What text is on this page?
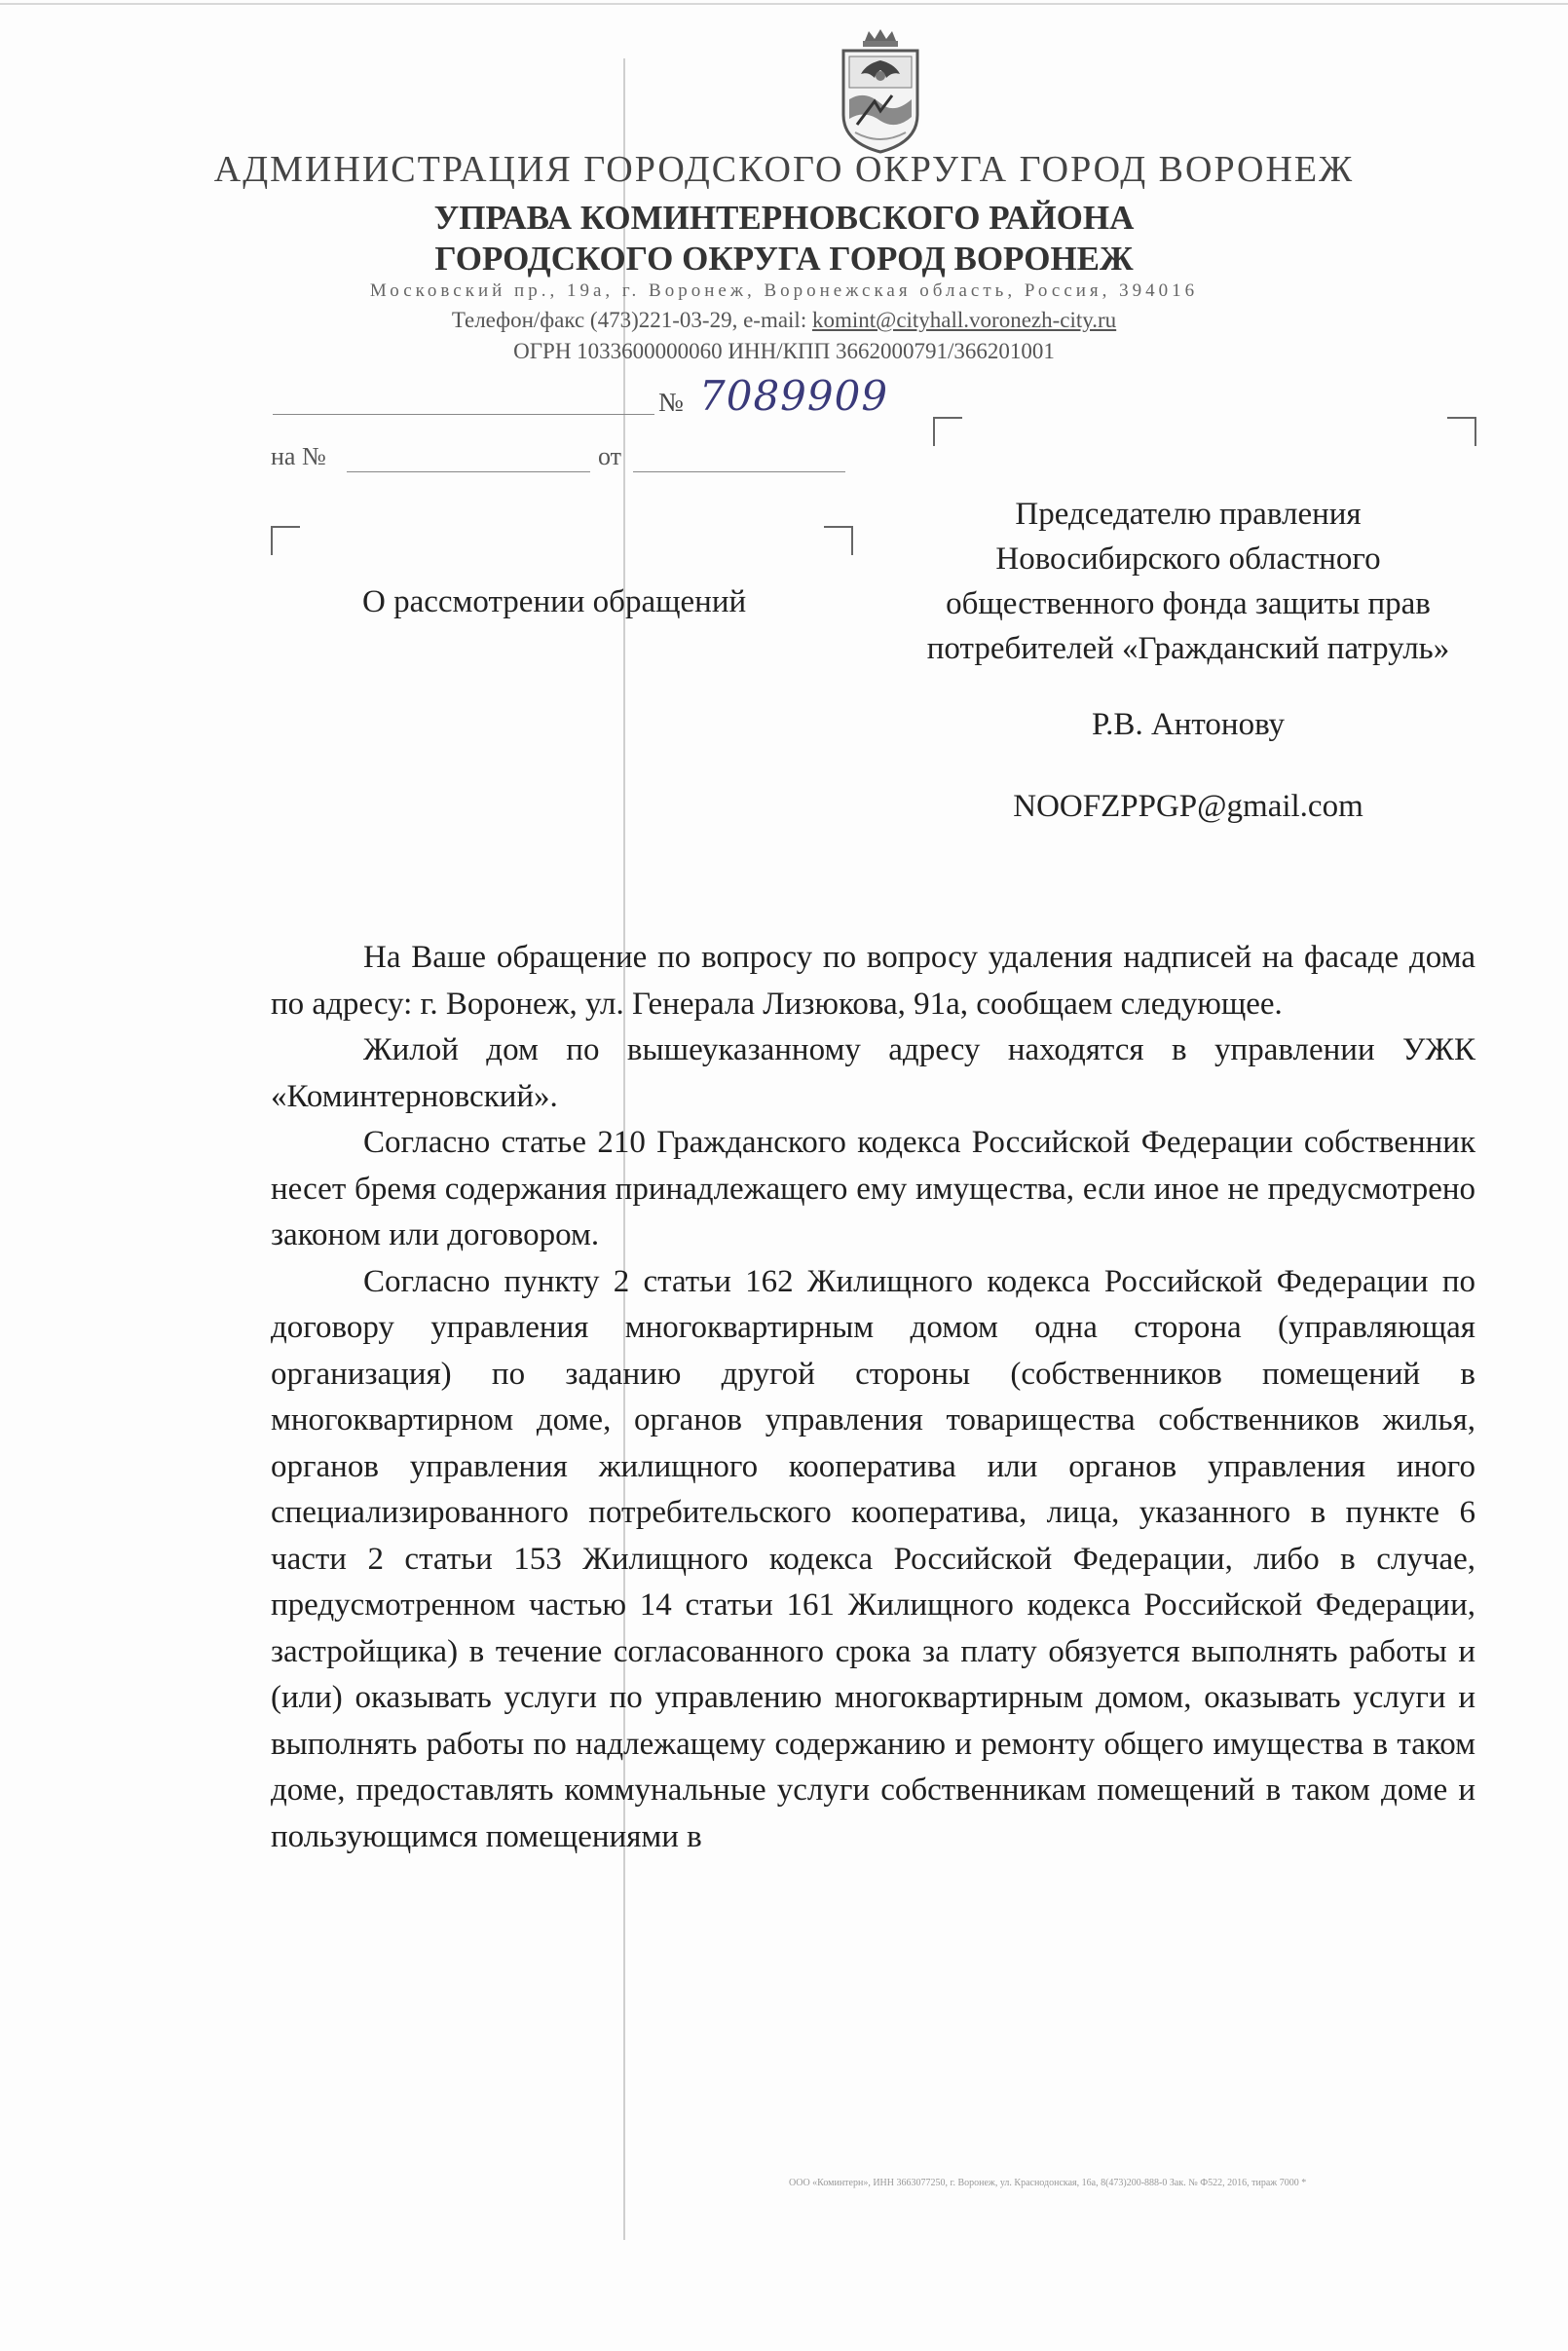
АДМИНИСТРАЦИЯ ГОРОДСКОГО ОКРУГА ГОРОД ВОРОНЕЖ
УПРАВА КОМИНТЕРНОВСКОГО РАЙОНА
ГОРОДСКОГО ОКРУГА ГОРОД ВОРОНЕЖ
Московский пр., 19а, г. Воронеж, Воронежская область, Россия, 394016
Телефон/факс (473)221-03-29, e-mail: komint@cityhall.voronezh-city.ru
ОГРН 1033600000060 ИНН/КПП 3662000791/366201001
№ 7089909
на №	от
О рассмотрении обращений
Председателю правления
Новосибирского областного
общественного фонда защиты прав
потребителей «Гражданский патруль»
Р.В. Антонову
NOOFZPPGP@gmail.com

На Ваше обращение по вопросу по вопросу удаления надписей на фасаде дома по адресу: г. Воронеж, ул. Генерала Лизюкова, 91а, сообщаем следующее.

Жилой дом по вышеуказанному адресу находятся в управлении УЖК «Коминтерновский».

Согласно статье 210 Гражданского кодекса Российской Федерации собственник несет бремя содержания принадлежащего ему имущества, если иное не предусмотрено законом или договором.

Согласно пункту 2 статьи 162 Жилищного кодекса Российской Федерации по договору управления многоквартирным домом одна сторона (управляющая организация) по заданию другой стороны (собственников помещений в многоквартирном доме, органов управления товарищества собственников жилья, органов управления жилищного кооператива или органов управления иного специализированного потребительского кооператива, лица, указанного в пункте 6 части 2 статьи 153 Жилищного кодекса Российской Федерации, либо в случае, предусмотренном частью 14 статьи 161 Жилищного кодекса Российской Федерации, застройщика) в течение согласованного срока за плату обязуется выполнять работы и (или) оказывать услуги по управлению многоквартирным домом, оказывать услуги и выполнять работы по надлежащему содержанию и ремонту общего имущества в таком доме, предоставлять коммунальные услуги собственникам помещений в таком доме и пользующимся помещениями в

ООО «Коминтерн», ИНН 3663077250, г. Воронеж, ул. Краснодонская, 16а, 8(473)200-888-0 Зак. № Ф522, 2016, тираж 7000 *
